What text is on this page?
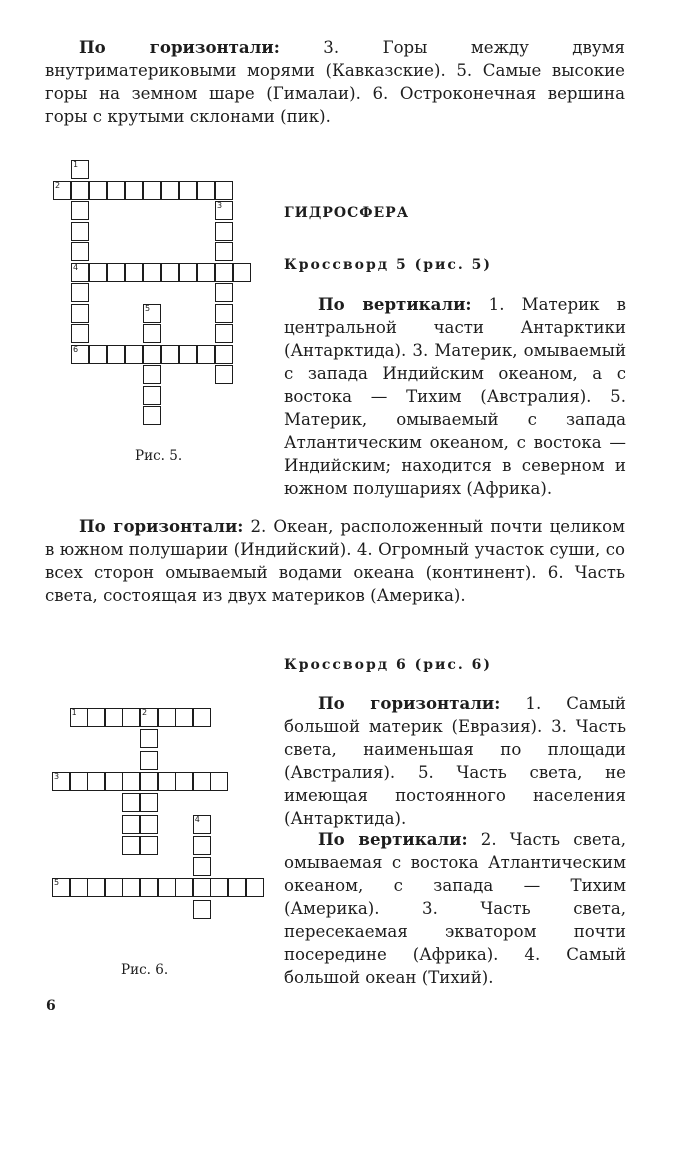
По горизонтали: 3. Горы между двумя внутриматериковыми морями (Кавказские). 5. Самые высокие горы на земном шаре (Гималаи). 6. Остроконечная вершина горы с крутыми склонами (пик).
1
2
3
4
5
6
ГИДРОСФЕРА
Кроссворд 5 (рис. 5)
По вертикали: 1. Материк в центральной части Антарктики (Антарктида). 3. Материк, омываемый с запада Индийским океаном, а с востока — Тихим (Австралия). 5. Материк, омываемый с запада Атлантическим океаном, с востока — Индийским; находится в северном и южном полушариях (Африка).
Рис. 5.
По горизонтали: 2. Океан, расположенный почти целиком в южном полушарии (Индийский). 4. Огромный участок суши, со всех сторон омываемый водами океана (континент). 6. Часть света, состоящая из двух материков (Америка).
Кроссворд 6 (рис. 6)
1	2
3
4
5
По горизонтали: 1. Самый большой материк (Евразия). 3. Часть света, наименьшая по площади (Австралия). 5. Часть света, не имеющая постоянного населения (Антарктида).
По вертикали: 2. Часть света, омываемая с востока Атлантическим океаном, с запада — Тихим (Америка). 3. Часть света, пересекаемая экватором почти посередине (Африка). 4. Самый большой океан (Тихий).
Рис. 6.
6
